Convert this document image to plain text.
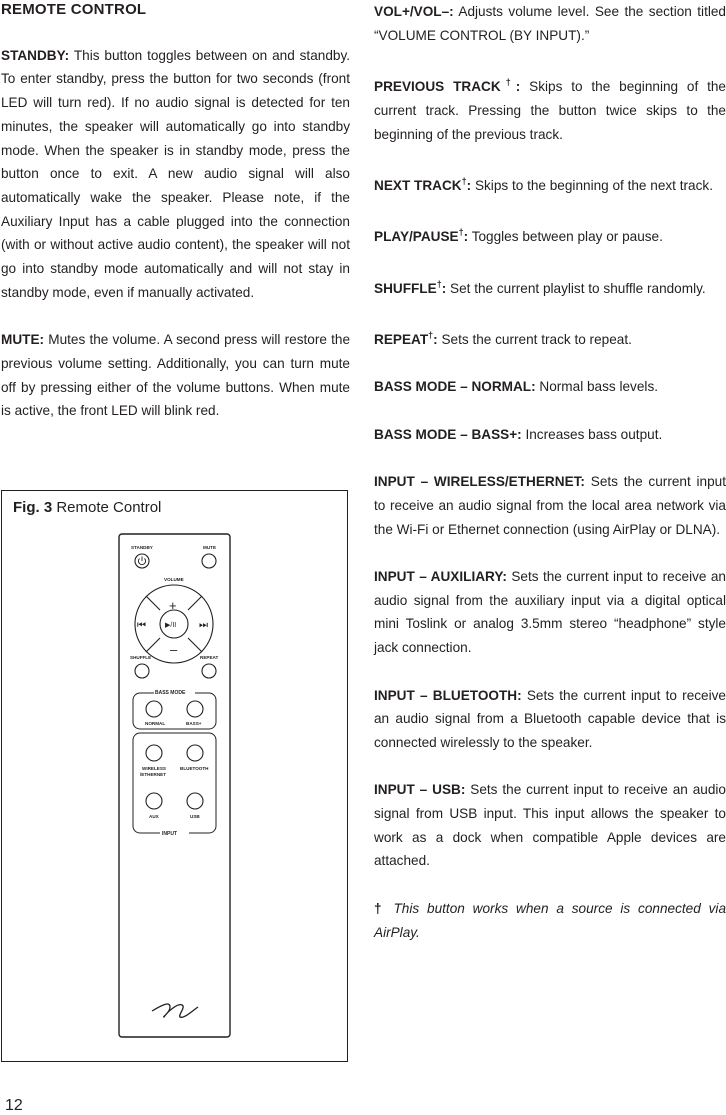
REMOTE CONTROL

STANDBY: This button toggles between on and standby. To enter standby, press the button for two seconds (front LED will turn red). If no audio signal is detected for ten minutes, the speaker will automatically go into standby mode. When the speaker is in standby mode, press the button once to exit. A new audio signal will also automatically wake the speaker. Please note, if the Auxiliary Input has a cable plugged into the connection (with or without active audio content), the speaker will not go into standby mode automatically and will not stay in standby mode, even if manually activated.

MUTE: Mutes the volume. A second press will restore the previous volume setting. Additionally, you can turn mute off by pressing either of the volume buttons. When mute is active, the front LED will blink red.

Fig. 3 Remote Control
STANDBY	MUTE
VOLUME
+
–
⏮	▶/II ⏭
SHUFFLE	REPEAT
BASS MODE
NORMAL	BASS+
INPUT
WIRELESS
/ETHERNET
BLUETOOTH
AUX	USB

VOL+/VOL–: Adjusts volume level. See the section titled “VOLUME CONTROL (BY INPUT).”

PREVIOUS TRACK†: Skips to the beginning of the current track. Pressing the button twice skips to the beginning of the previous track.

NEXT TRACK†: Skips to the beginning of the next track.

PLAY/PAUSE†: Toggles between play or pause.

SHUFFLE†: Set the current playlist to shuffle randomly.

REPEAT†: Sets the current track to repeat.

BASS MODE – NORMAL: Normal bass levels.

BASS MODE – BASS+: Increases bass output.

INPUT – WIRELESS/ETHERNET: Sets the current input to receive an audio signal from the local area network via the Wi-Fi or Ethernet connection (using AirPlay or DLNA).

INPUT – AUXILIARY: Sets the current input to receive an audio signal from the auxiliary input via a digital optical mini Toslink or analog 3.5mm stereo “headphone” style jack connection.

INPUT – BLUETOOTH: Sets the current input to receive an audio signal from a Bluetooth capable device that is connected wirelessly to the speaker.

INPUT – USB: Sets the current input to receive an audio signal from USB input. This input allows the speaker to work as a dock when compatible Apple devices are attached.

† This button works when a source is connected via AirPlay.

12
